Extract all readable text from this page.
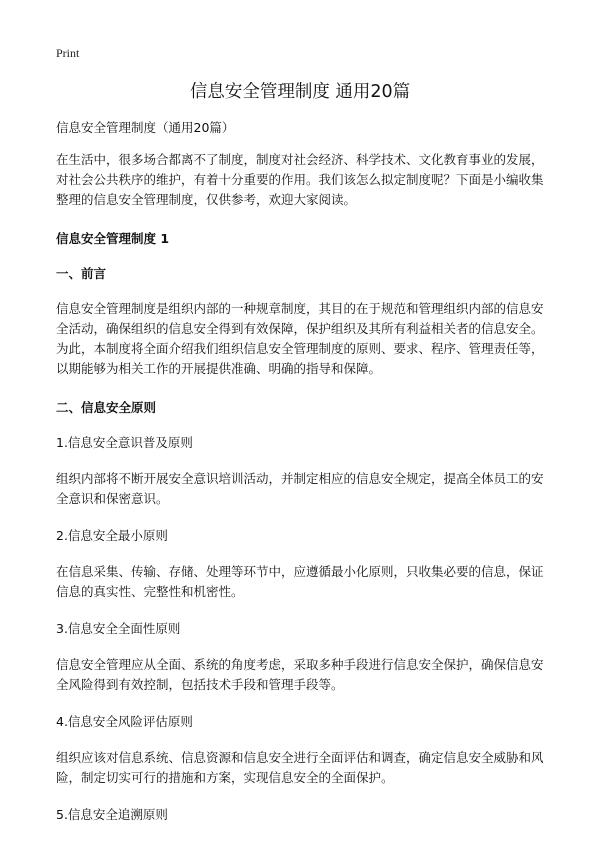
Print
信息安全管理制度 通用20篇

信息安全管理制度（通用20篇）

在生活中，很多场合都离不了制度，制度对社会经济、科学技术、文化教育事业的发展，对社会公共秩序的维护，有着十分重要的作用。我们该怎么拟定制度呢？下面是小编收集整理的信息安全管理制度，仅供参考，欢迎大家阅读。

信息安全管理制度 1

一、前言

信息安全管理制度是组织内部的一种规章制度，其目的在于规范和管理组织内部的信息安全活动，确保组织的信息安全得到有效保障，保护组织及其所有利益相关者的信息安全。为此，本制度将全面介绍我们组织信息安全管理制度的原则、要求、程序、管理责任等，以期能够为相关工作的开展提供准确、明确的指导和保障。

二、信息安全原则

1.信息安全意识普及原则

组织内部将不断开展安全意识培训活动，并制定相应的信息安全规定，提高全体员工的安全意识和保密意识。

2.信息安全最小原则

在信息采集、传输、存储、处理等环节中，应遵循最小化原则，只收集必要的信息，保证信息的真实性、完整性和机密性。

3.信息安全全面性原则

信息安全管理应从全面、系统的角度考虑，采取多种手段进行信息安全保护，确保信息安全风险得到有效控制，包括技术手段和管理手段等。

4.信息安全风险评估原则

组织应该对信息系统、信息资源和信息安全进行全面评估和调查，确定信息安全威胁和风险，制定切实可行的措施和方案，实现信息安全的全面保护。

5.信息安全追溯原则
